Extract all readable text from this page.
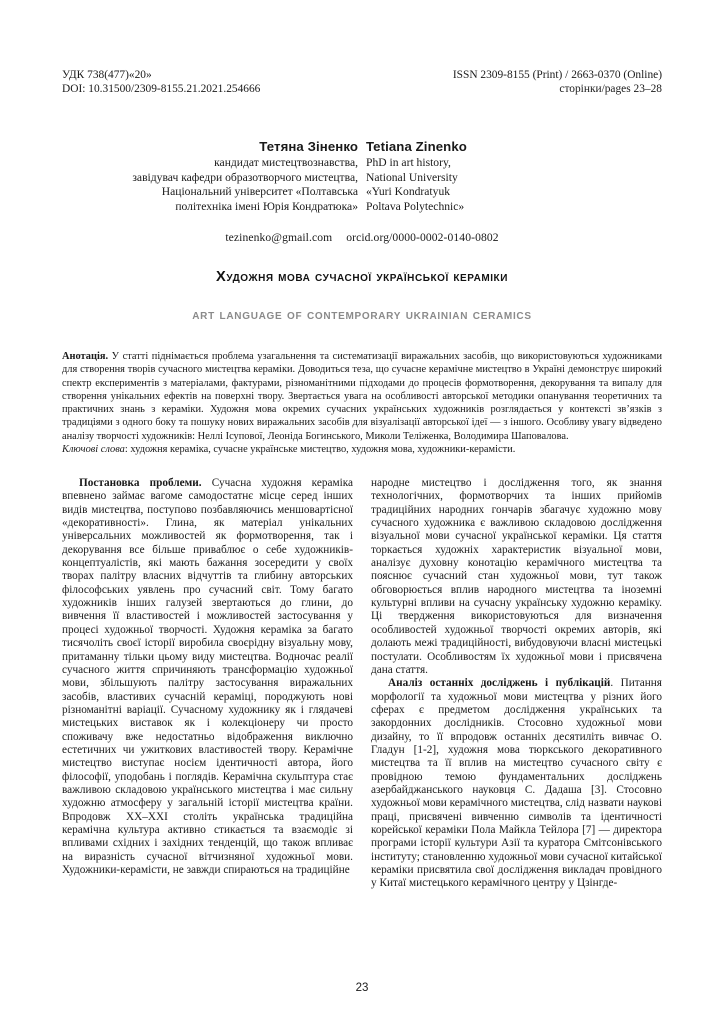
УДК 738(477)«20»
DOI: 10.31500/2309-8155.21.2021.254666
ISSN 2309-8155 (Print) / 2663-0370 (Online)
сторінки/pages 23–28
Тетяна Зіненко
кандидат мистецтвознавства,
завідувач кафедри образотворчого мистецтва,
Національний університет «Полтавська
політехніка імені Юрія Кондратюка»
Tetiana Zinenko
PhD in art history,
National University
«Yuri Kondratyuk
Poltava Polytechnic»
tezinenko@gmail.com orcid.org/0000-0002-0140-0802
Художня мова сучасної української кераміки
art language of contemporary ukrainian ceramics
Анотація. У статті піднімається проблема узагальнення та систематизації виражальних засобів, що використовуються художниками для створення творів сучасного мистецтва кераміки. Доводиться теза, що сучасне керамічне мистецтво в Україні демонструє широкий спектр експериментів з матеріалами, фактурами, різноманітними підходами до процесів формотворення, декорування та випалу для створення унікальних ефектів на поверхні твору. Звертається увага на особливості авторської методики опанування теоретичних та практичних знань з кераміки. Художня мова окремих сучасних українських художників розглядається у контексті зв’язків з традиціями з одного боку та пошуку нових виражальних засобів для візуалізації авторської ідеї — з іншого. Особливу увагу відведено аналізу творчості художників: Неллі Ісупової, Леоніда Богинського, Миколи Теліженка, Володимира Шаповалова.
Ключові слова: художня кераміка, сучасне українське мистецтво, художня мова, художники-керамісти.

Постановка проблеми. Сучасна художня кераміка впевнено займає вагоме самодостатнє місце серед інших видів мистецтва, поступово позбавляючись меншовартісної «декоративності». Глина, як матеріал унікальних універсальних можливостей як формотворення, так і декорування все більше приваблює о себе художників-концептуалістів, які мають бажання зосередити у своїх творах палітру власних відчуттів та глибину авторських філософських уявлень про сучасний світ. Тому багато художників інших галузей звертаються до глини, до вивчення її властивостей і можливостей застосування у процесі художньої творчості. Художня кераміка за багато тисячоліть своєї історії виробила своєрідну візуальну мову, притаманну тільки цьому виду мистецтва. Водночас реалії сучасного життя спричиняють трансформацію художньої мови, збільшують палітру застосування виражальних засобів, властивих сучасній кераміці, породжують нові різноманітні варіації. Сучасному художнику як і глядачеві мистецьких виставок як і колекціонеру чи просто споживачу вже недостатньо відображення виключно естетичних чи ужиткових властивостей твору. Керамічне мистецтво виступає носієм ідентичності автора, його філософії, уподобань і поглядів. Керамічна скульптура стає важливою складовою українського мистецтва і має сильну художню атмосферу у загальній історії мистецтва країни. Впродовж XX–XXI століть українська традиційна керамічна культура активно стикається та взаємодіє зі впливами східних і західних тенденцій, що також впливає на виразність сучасної вітчизняної художньої мови. Художники-керамісти, не завжди спираються на традиційне

народне мистецтво і дослідження того, як знання технологічних, формотворчих та інших прийомів традиційних народних гончарів збагачує художню мову сучасного художника є важливою складовою дослідження візуальної мови сучасної української кераміки. Ця стаття торкається художніх характеристик візуальної мови, аналізує духовну конотацію керамічного мистецтва та пояснює сучасний стан художньої мови, тут також обговорюється вплив народного мистецтва та іноземні культурні впливи на сучасну українську художню кераміку. Ці твердження використовуються для визначення особливостей художньої творчості окремих авторів, які долають межі традиційності, вибудовуючи власні мистецькі постулати. Особливостям їх художньої мови і присвячена дана стаття.

Аналіз останніх досліджень і публікацій. Питання морфології та художньої мови мистецтва у різних його сферах є предметом дослідження українських та закордонних дослідників. Стосовно художньої мови дизайну, то її впродовж останніх десятиліть вивчає О. Гладун [1-2], художня мова тюркського декоративного мистецтва та її вплив на мистецтво сучасного світу є провідною темою фундаментальних досліджень азербайджанського науковця С. Дадаша [3]. Стосовно художньої мови керамічного мистецтва, слід назвати наукові праці, присвячені вивченню символів та ідентичності корейської кераміки Пола Майкла Тейлора [7] — директора програми історії культури Азії та куратора Смітсонівського інституту; становленню художньої мови сучасної китайської кераміки присвятила свої дослідження викладач провідного у Китаї мистецького керамічного центру у Цзінгде-

23
